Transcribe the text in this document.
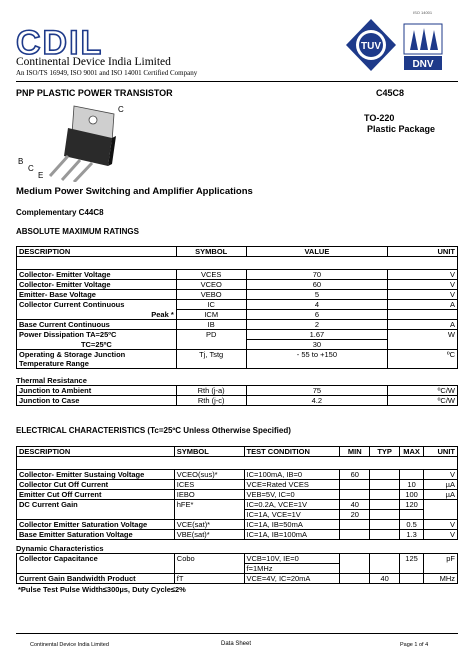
CDIL
Continental Device India Limited
An ISO/TS 16949, ISO 9001 and ISO 14001 Certified Company
TUV
ISO 14001
DNV
PNP PLASTIC POWER TRANSISTOR	C45C8
TO-220
Plastic Package
C
B
C
E
Medium Power Switching and Amplifier Applications
Complementary C44C8
ABSOLUTE MAXIMUM RATINGS
DESCRIPTION	SYMBOL	VALUE	UNIT

Collector- Emitter Voltage	VCES	70	V
Collector- Emitter Voltage	VCEO	60	V
Emitter- Base Voltage	VEBO	5	V
Collector Current Continuous	IC	4	A
Peak *	ICM	6	
Base Current Continuous	IB	2	A
Power Dissipation TA=25ºC	PD	1.67	W
TC=25ºC		30	
Operating & Storage Junction	Tj, Tstg	- 55 to +150	ºC
Temperature Range			
Thermal Resistance
Junction to Ambient	Rth (j-a)	75	ºC/W
Junction to Case	Rth (j-c)	4.2	ºC/W
ELECTRICAL CHARACTERISTICS (Tc=25ºC Unless Otherwise Specified)
DESCRIPTION	SYMBOL	TEST CONDITION	MIN	TYP	MAX	UNIT

Collector- Emitter Sustaing Voltage	VCEO(sus)*	IC=100mA, IB=0	60			V
Collector Cut Off Current	ICES	VCE=Rated VCES			10	µA
Emitter Cut Off Current	IEBO	VEB=5V, IC=0			100	µA
DC Current Gain	hFE*	IC=0.2A, VCE=1V	40		120	
		IC=1A, VCE=1V	20			
Collector Emitter Saturation Voltage	VCE(sat)*	IC=1A, IB=50mA			0.5	V
Base Emitter Saturation Voltage	VBE(sat)*	IC=1A, IB=100mA			1.3	V
Dynamic Characteristics
Collector Capacitance	Cobo	VCB=10V, IE=0			125	pF
		f=1MHz				
Current Gain Bandwidth Product	fT	VCE=4V, IC=20mA		40		MHz
*Pulse Test Pulse Width≤300µs, Duty Cycle≤2%
Continental Device India Limited	Data Sheet	Page 1 of 4
